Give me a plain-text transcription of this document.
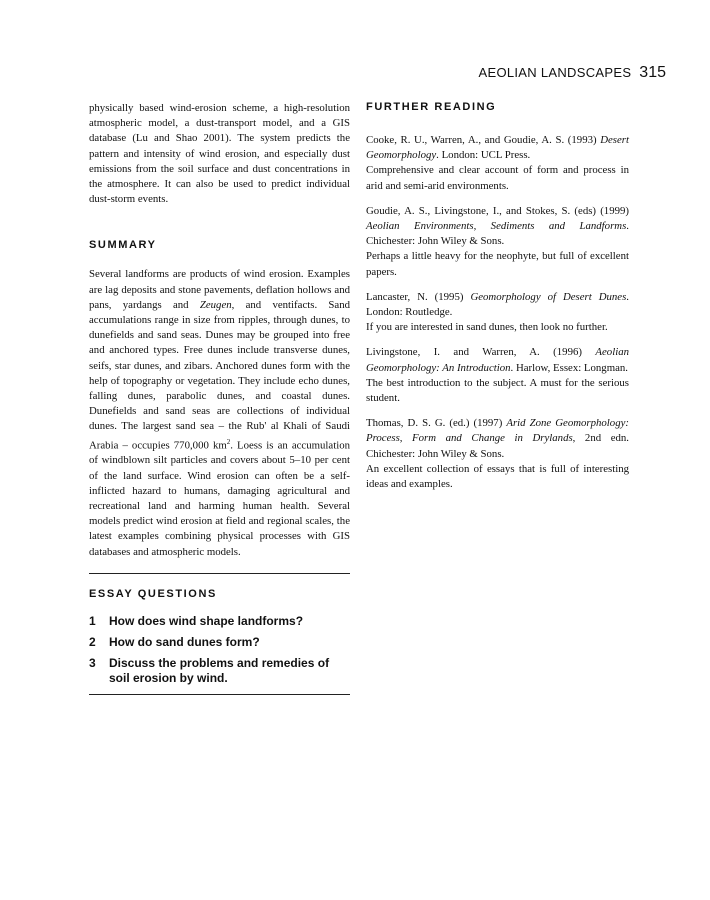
AEOLIAN LANDSCAPES 315

physically based wind-erosion scheme, a high-resolution atmospheric model, a dust-transport model, and a GIS database (Lu and Shao 2001). The system predicts the pattern and intensity of wind erosion, and especially dust emissions from the soil surface and dust concentrations in the atmosphere. It can also be used to predict individual dust-storm events.

SUMMARY

Several landforms are products of wind erosion. Examples are lag deposits and stone pavements, deflation hollows and pans, yardangs and Zeugen, and ventifacts. Sand accumulations range in size from ripples, through dunes, to dunefields and sand seas. Dunes may be grouped into free and anchored types. Free dunes include transverse dunes, seifs, star dunes, and zibars. Anchored dunes form with the help of topography or vegetation. They include echo dunes, falling dunes, parabolic dunes, and coastal dunes. Dunefields and sand seas are collections of individual dunes. The largest sand sea – the Rub' al Khali of Saudi Arabia – occupies 770,000 $km^2$. Loess is an accumulation of windblown silt particles and covers about 5–10 per cent of the land surface. Wind erosion can often be a self-inflicted hazard to humans, damaging agricultural and recreational land and harming human health. Several models predict wind erosion at field and regional scales, the latest examples combining physical processes with GIS databases and atmospheric models.

ESSAY QUESTIONS
1	How does wind shape landforms?
2	How do sand dunes form?
3	Discuss the problems and remedies of soil erosion by wind.
FURTHER READING

Cooke, R. U., Warren, A., and Goudie, A. S. (1993) Desert Geomorphology. London: UCL Press.

Comprehensive and clear account of form and process in arid and semi-arid environments.

Goudie, A. S., Livingstone, I., and Stokes, S. (eds) (1999) Aeolian Environments, Sediments and Landforms. Chichester: John Wiley & Sons.

Perhaps a little heavy for the neophyte, but full of excellent papers.

Lancaster, N. (1995) Geomorphology of Desert Dunes. London: Routledge.

If you are interested in sand dunes, then look no further.

Livingstone, I. and Warren, A. (1996) Aeolian Geomorphology: An Introduction. Harlow, Essex: Longman.

The best introduction to the subject. A must for the serious student.

Thomas, D. S. G. (ed.) (1997) Arid Zone Geomorphology: Process, Form and Change in Drylands, 2nd edn. Chichester: John Wiley & Sons.

An excellent collection of essays that is full of interesting ideas and examples.
